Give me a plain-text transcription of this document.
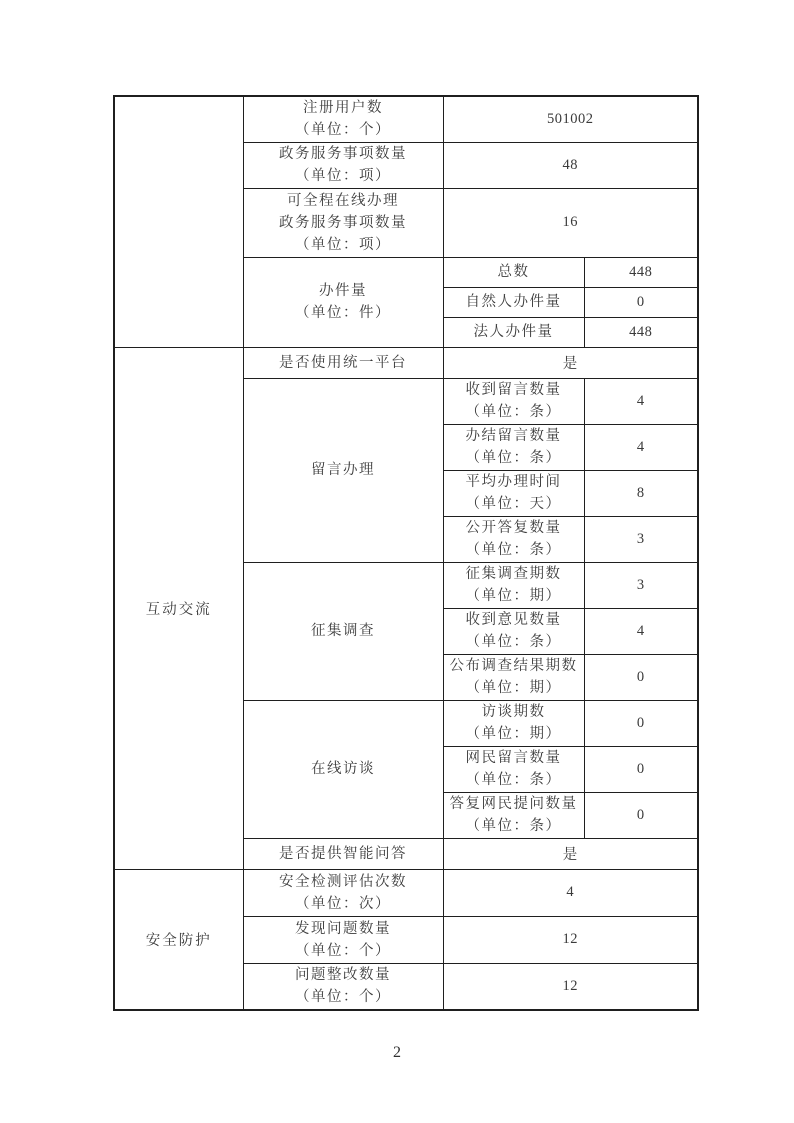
	注册用户数
（单位：个）	501002	

	政务服务事项数量
（单位：项）	48	

	可全程在线办理
政务服务事项数量
（单位：项）	16	

	办件量
（单位：件）	总数	448

		自然人办件量	0

		法人办件量	448
互动交流	是否使用统一平台	是	

	留言办理	收到留言数量
（单位：条）	4

		办结留言数量
（单位：条）	4

		平均办理时间
（单位：天）	8

		公开答复数量
（单位：条）	3

	征集调查	征集调查期数
（单位：期）	3

		收到意见数量
（单位：条）	4

		公布调查结果期数
（单位：期）	0

	在线访谈	访谈期数
（单位：期）	0

		网民留言数量
（单位：条）	0

		答复网民提问数量
（单位：条）	0

	是否提供智能问答	是	
安全防护	安全检测评估次数
（单位：次）	4	

	发现问题数量
（单位：个）	12	

	问题整改数量
（单位：个）	12	
2
